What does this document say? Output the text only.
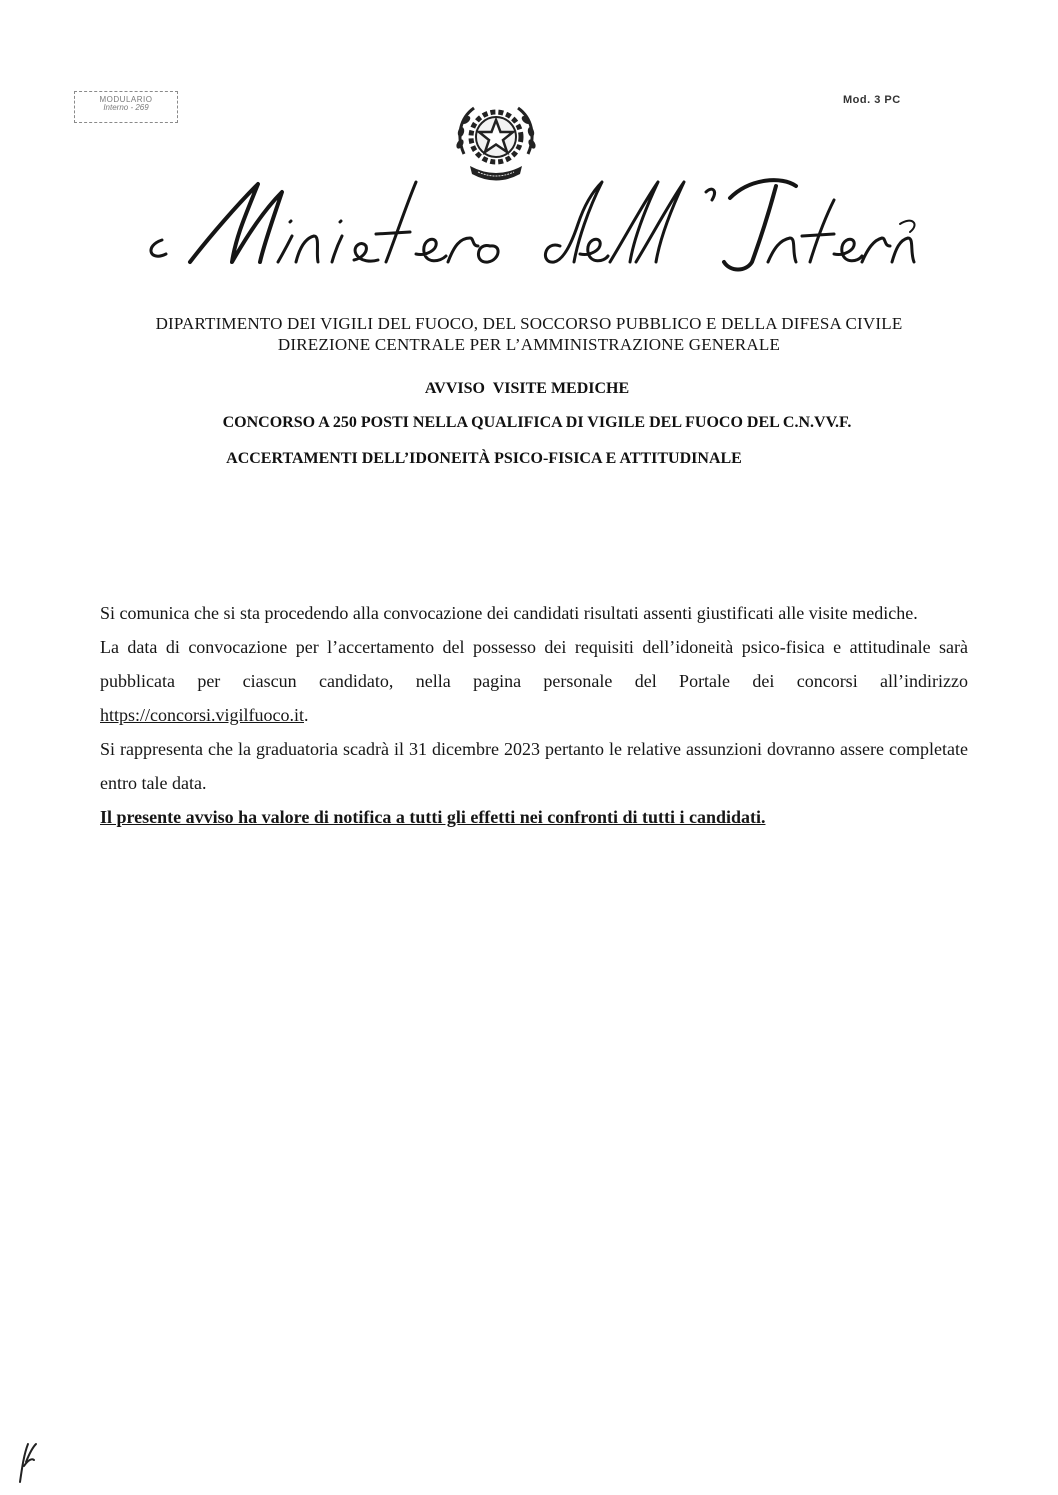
MODULARIO
Interno - 269
Mod. 3 PC
DIPARTIMENTO DEI VIGILI DEL FUOCO, DEL SOCCORSO PUBBLICO E DELLA DIFESA CIVILE
DIREZIONE CENTRALE PER L’AMMINISTRAZIONE GENERALE
AVVISO  VISITE MEDICHE
CONCORSO A 250 POSTI NELLA QUALIFICA DI VIGILE DEL FUOCO DEL C.N.VV.F.
ACCERTAMENTI DELL’IDONEITÀ PSICO-FISICA E ATTITUDINALE

Si comunica che si sta procedendo alla convocazione dei candidati risultati assenti giustificati alle visite mediche.

La data di convocazione per l’accertamento del possesso dei requisiti dell’idoneità psico-fisica e attitudinale sarà pubblicata per ciascun candidato, nella pagina personale del Portale dei concorsi all’indirizzo https://concorsi.vigilfuoco.it.

Si rappresenta che la graduatoria scadrà il 31 dicembre 2023 pertanto le relative assunzioni dovranno assere completate entro tale data.

Il presente avviso ha valore di notifica a tutti gli effetti nei confronti di tutti i candidati.
